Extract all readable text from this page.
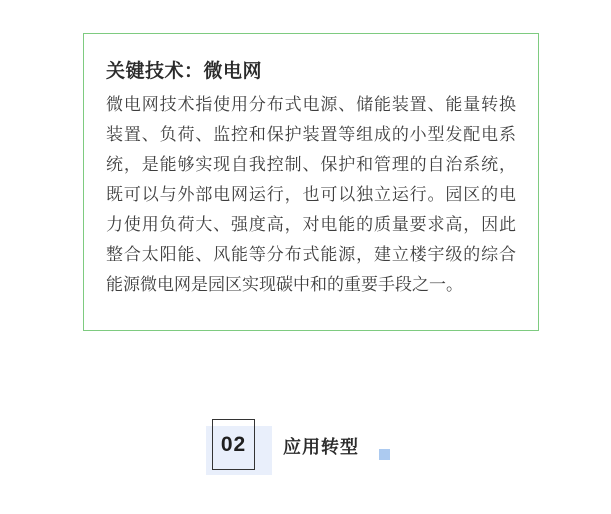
关键技术：微电网
微电网技术指使用分布式电源、储能装置、能量转换
装置、负荷、监控和保护装置等组成的小型发配电系
统，是能够实现自我控制、保护和管理的自治系统，
既可以与外部电网运行，也可以独立运行。园区的电
力使用负荷大、强度高，对电能的质量要求高，因此
整合太阳能、风能等分布式能源，建立楼宇级的综合
能源微电网是园区实现碳中和的重要手段之一。
02 应用转型
